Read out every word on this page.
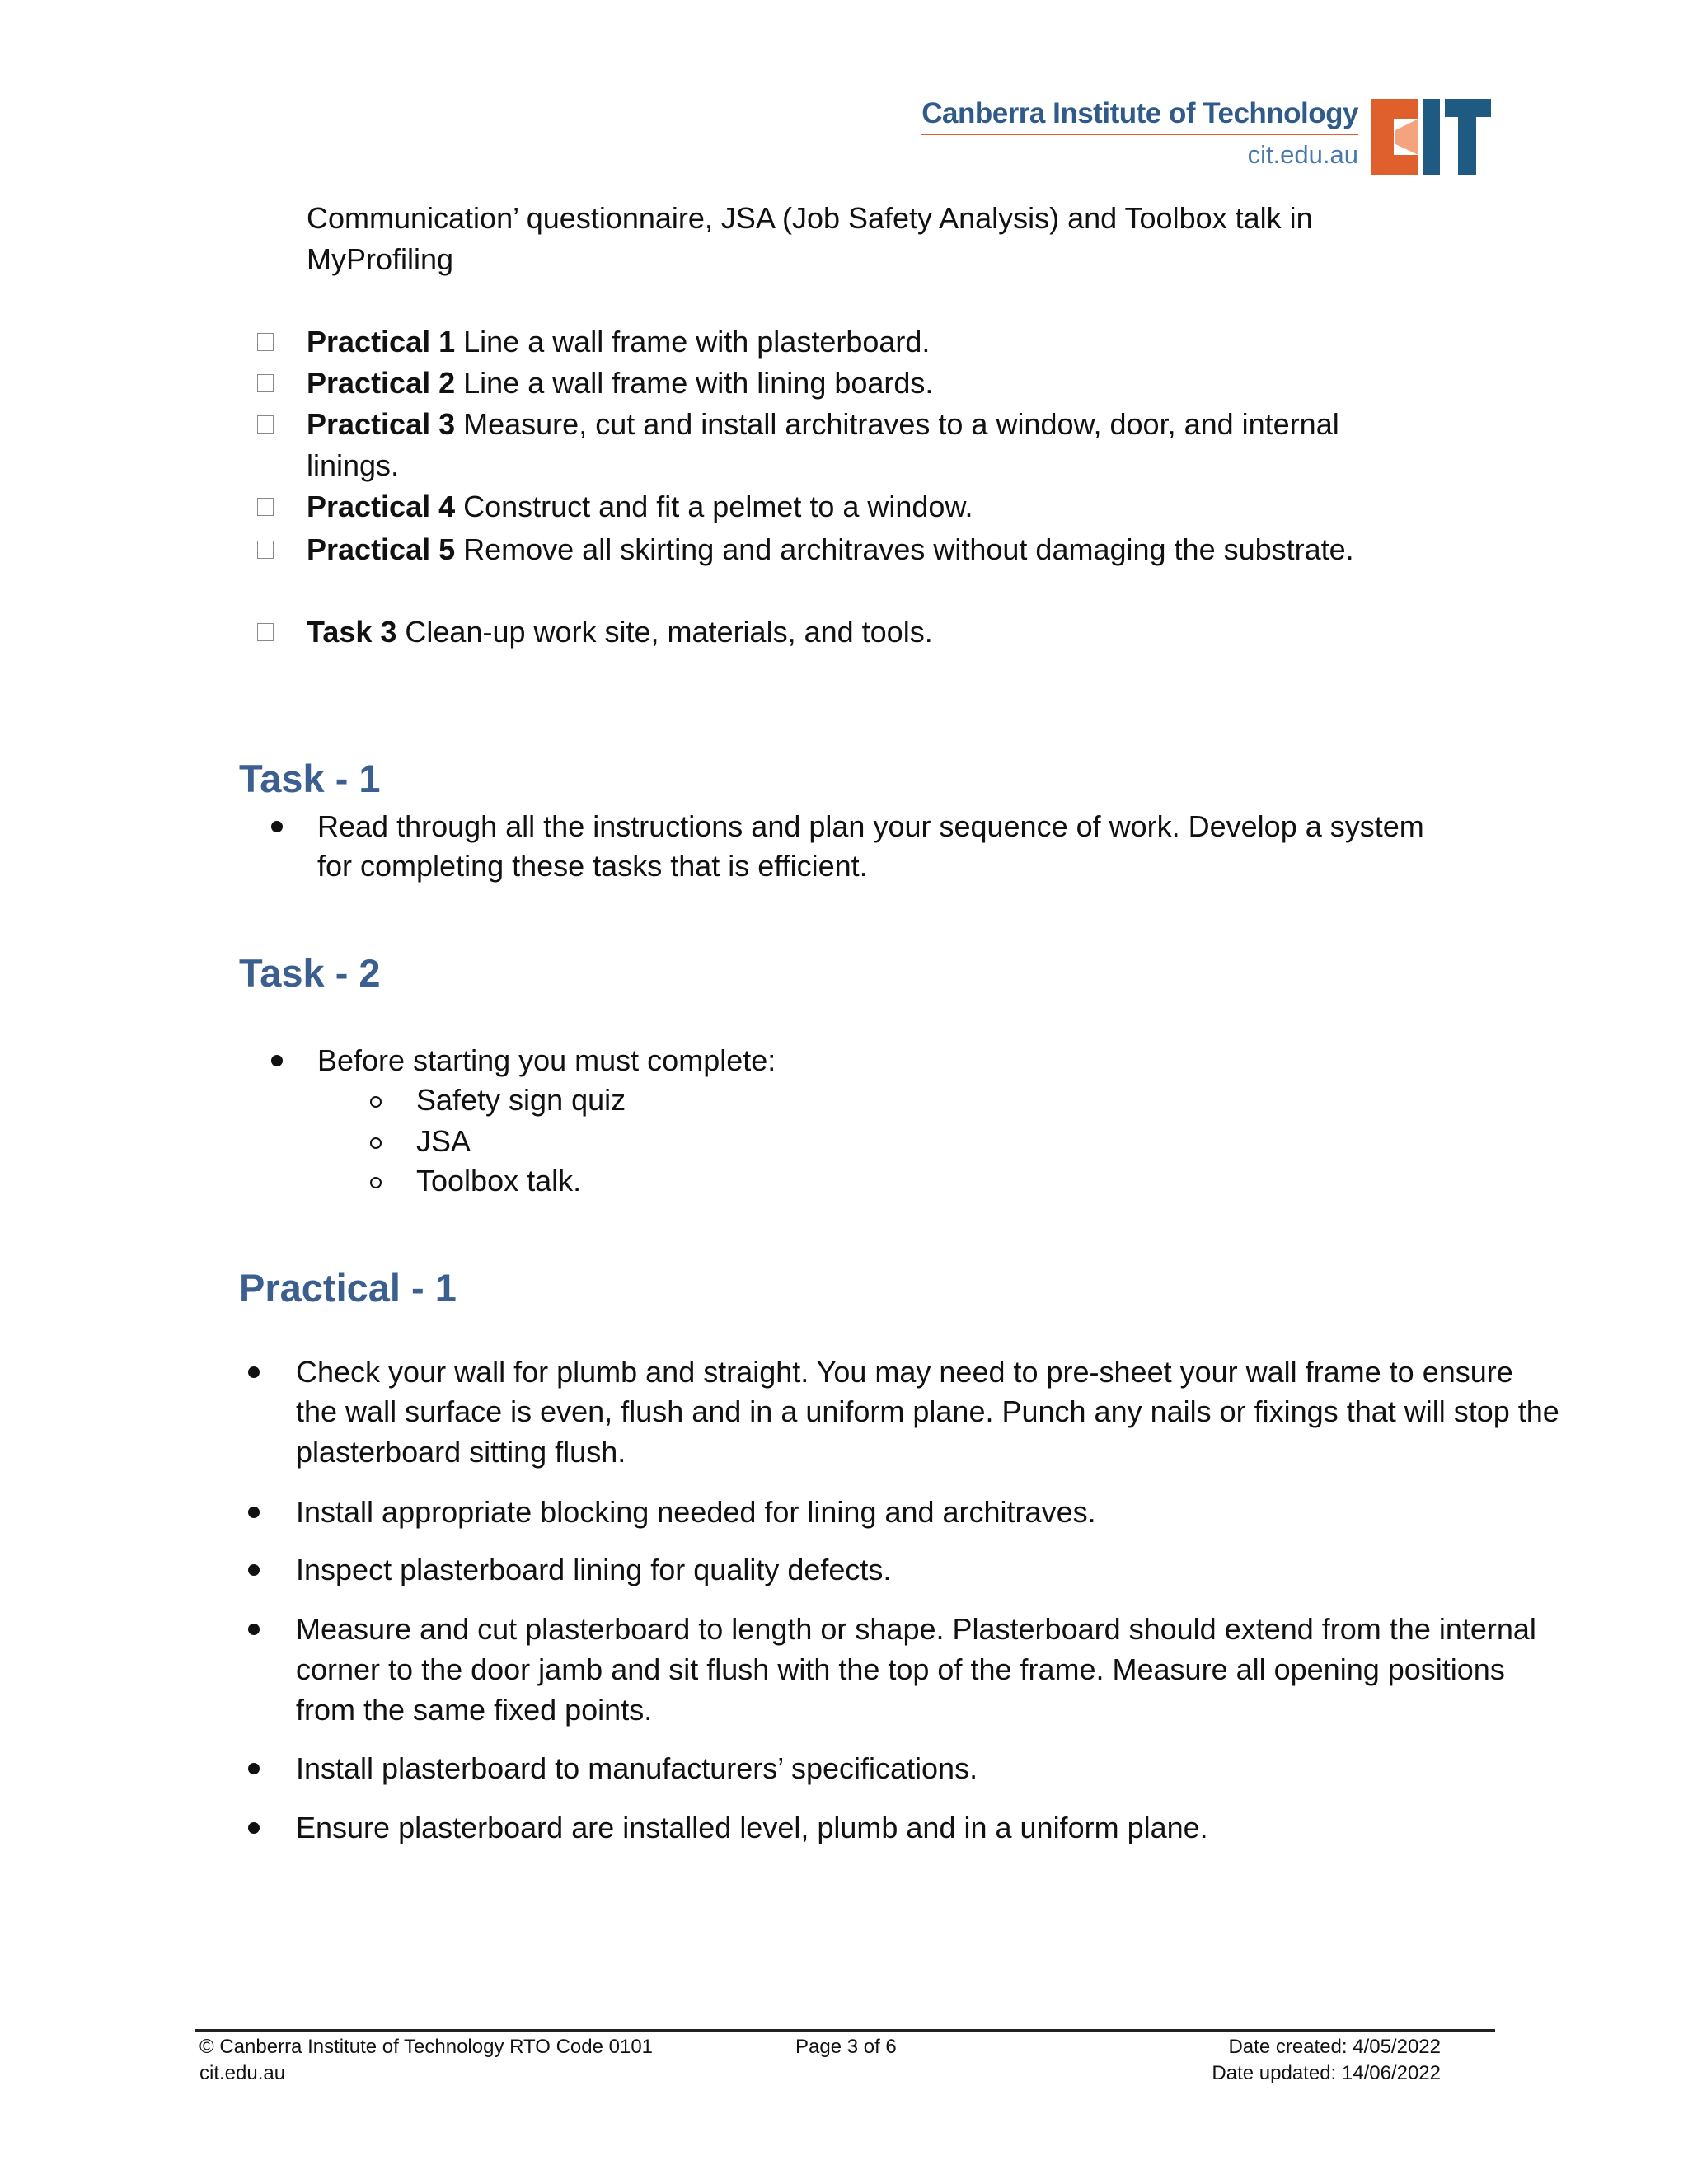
Canberra Institute of Technology
cit.edu.au
Communication’ questionnaire, JSA (Job Safety Analysis) and Toolbox talk in
MyProfiling
Practical 1 Line a wall frame with plasterboard.
Practical 2 Line a wall frame with lining boards.
Practical 3 Measure, cut and install architraves to a window, door, and internal
linings.
Practical 4 Construct and fit a pelmet to a window.
Practical 5 Remove all skirting and architraves without damaging the substrate.
Task 3 Clean-up work site, materials, and tools.
Task - 1
Read through all the instructions and plan your sequence of work. Develop a system
for completing these tasks that is efficient.
Task - 2
Before starting you must complete:
Safety sign quiz
JSA
Toolbox talk.
Practical - 1
Check your wall for plumb and straight. You may need to pre-sheet your wall frame to ensure
the wall surface is even, flush and in a uniform plane. Punch any nails or fixings that will stop the
plasterboard sitting flush.
Install appropriate blocking needed for lining and architraves.
Inspect plasterboard lining for quality defects.
Measure and cut plasterboard to length or shape. Plasterboard should extend from the internal
corner to the door jamb and sit flush with the top of the frame. Measure all opening positions
from the same fixed points.
Install plasterboard to manufacturers’ specifications.
Ensure plasterboard are installed level, plumb and in a uniform plane.
© Canberra Institute of Technology RTO Code 0101
cit.edu.au
Page 3 of 6	Date created: 4/05/2022
Date updated: 14/06/2022
